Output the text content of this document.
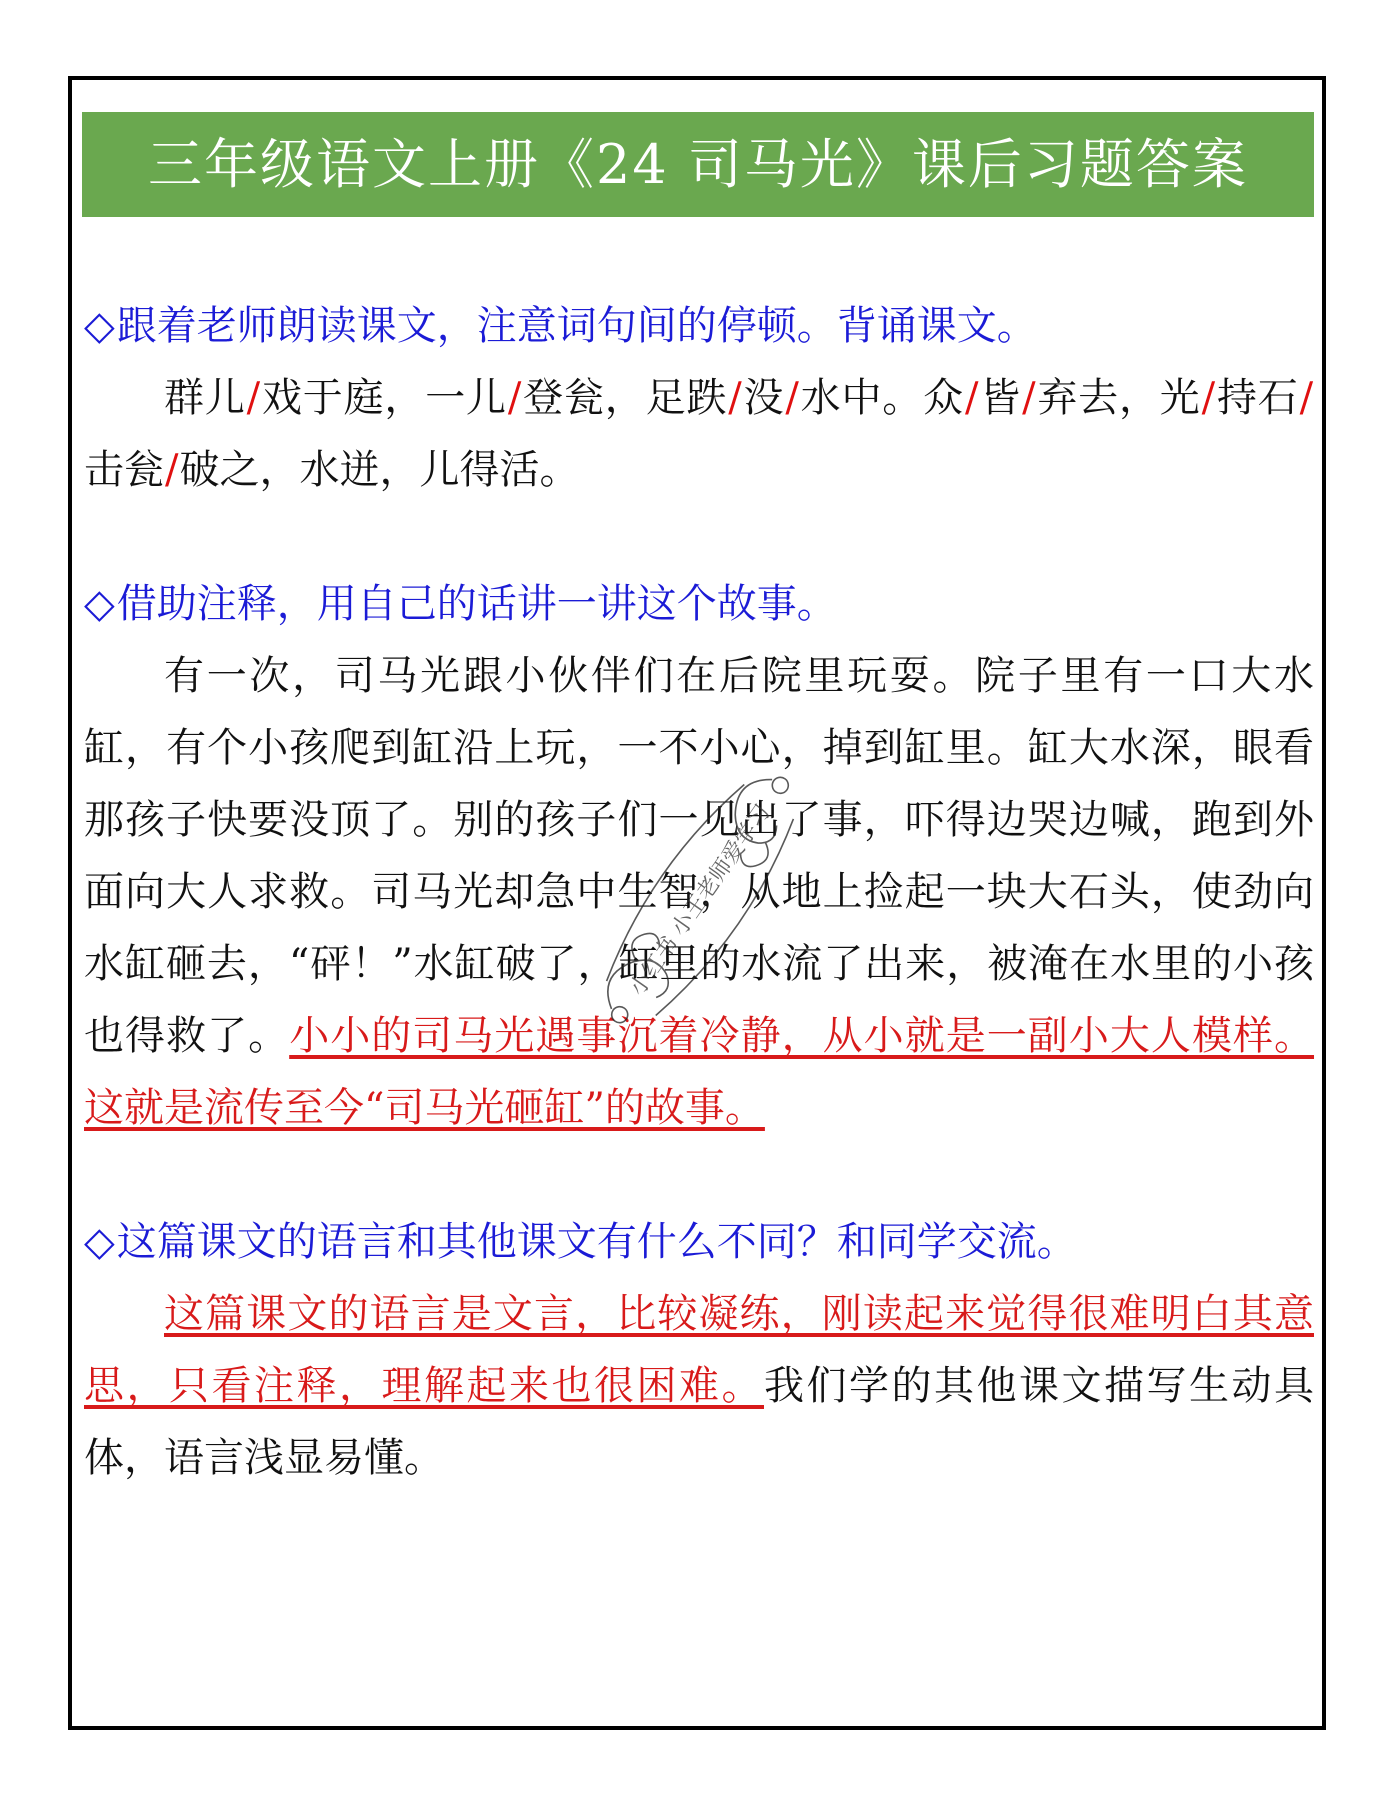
三年级语文上册《24 司马光》课后习题答案
◇跟着老师朗读课文，注意词句间的停顿。背诵课文。
群儿/戏于庭，一儿/登瓮，足跌/没/水中。众/皆/弃去，光/持石/击瓮/破之，水迸，儿得活。
◇借助注释，用自己的话讲一讲这个故事。
有一次，司马光跟小伙伴们在后院里玩耍。院子里有一口大水缸，有个小孩爬到缸沿上玩，一不小心，掉到缸里。缸大水深，眼看那孩子快要没顶了。别的孩子们一见出了事，吓得边哭边喊，跑到外面向大人求救。司马光却急中生智，从地上捡起一块大石头，使劲向水缸砸去，“砰！”水缸破了，缸里的水流了出来，被淹在水里的小孩也得救了。小小的司马光遇事沉着冷静，从小就是一副小大人模样。这就是流传至今“司马光砸缸”的故事。
◇这篇课文的语言和其他课文有什么不同？和同学交流。
这篇课文的语言是文言，比较凝练，刚读起来觉得很难明白其意思，只看注释，理解起来也很困难。我们学的其他课文描写生动具体，语言浅显易懂。
小红书 小王老师爱学习
